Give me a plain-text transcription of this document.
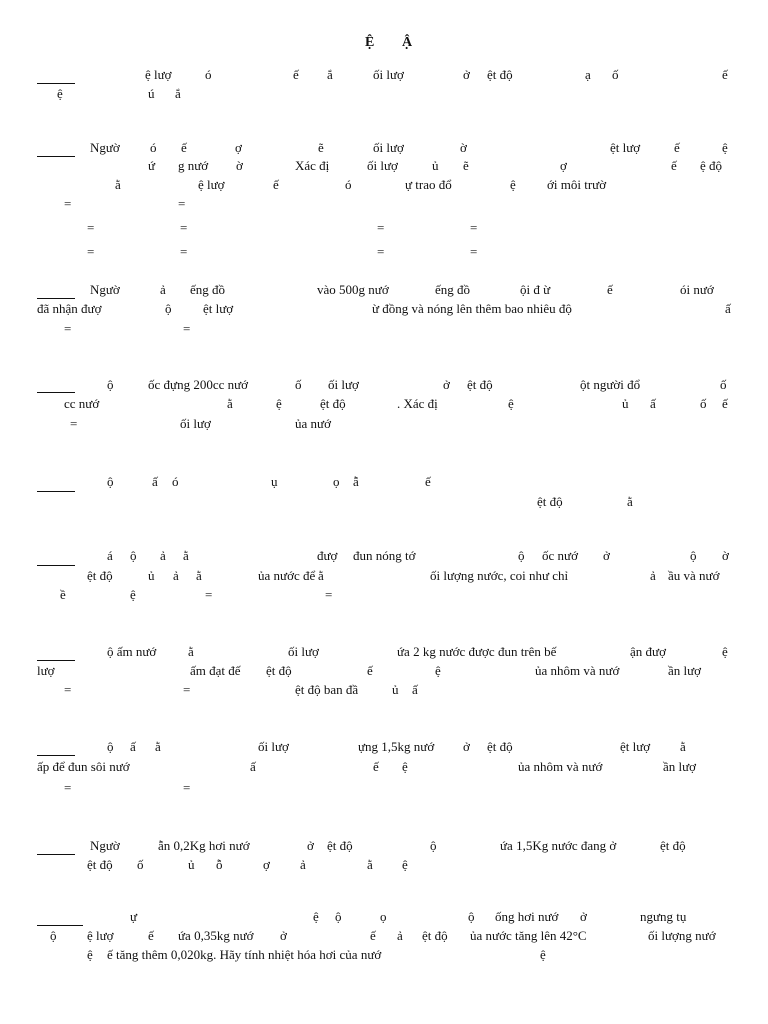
Ệ Ậ
ệ lượ	ó	ế ắ	ối lượ	ở ệt độ	ạ ố	ế
ệ	ú ắ
Ngườ ó ế	ợ	ẽ	ối lượ	ờ	ệt lượ	ế	ệ
ứ g nướ ờ	Xác đị	ối lượ	ủ ẽ	ợ	ế ệ độ
ằ	ệ lượ	ế	ó	ự trao đổ	ệ ới môi trườ
=	=
=	=	=	=
=	=	=	=
Ngườ	ả ếng đồ	vào 500g nướ	ếng đồ	ội đ ừ	ế	ói nướ
đã nhận đượ	ộ ệt lượ	ừ đồng và nóng lên thêm bao nhiêu độ	ấ
=	=
ộ	ốc đựng 200cc nướ	ố ối lượ	ở ệt độ	ột người đổ	ố
cc nướ	ằ	ệ	ệt độ	. Xác đị	ệ	ủ ấ	ố ế
=	ối lượ	ủa nướ
ộ	ấ ó	ụ	ọ ẫ	ế
ệt độ	ằ
á ộ ả ằ	đượ đun nóng tớ	ộ ốc nướ ở	ộ ờ
ệt độ	ủ ả ằ	ủa nước để ằ	ối lượng nước, coi như chỉ	ả ầu và nướ
ề	ệ	=	=
ộ ấm nướ ằ	ối lượ	ứa 2 kg nước được đun trên bế	ận đượ	ệ
lượ	ấm đạt đế ệt độ	ế	ệ	ủa nhôm và nướ	ần lượ
=	=	ệt độ ban đầ	ủ ấ
ộ ấ ằ	ối lượ	ựng 1,5kg nướ ở ệt độ	ệt lượ ằ
ấp để đun sôi nướ	ấ	ế ệ	ủa nhôm và nướ	ần lượ
=	=
Ngườ	ẫn 0,2Kg hơi nướ	ở ệt độ	ộ	ứa 1,5Kg nước đang ở	ệt độ
ệt độ ố	ủ ỗ	ợ ả	ằ ệ
ự	ệ ộ	ọ	ộ ống hơi nướ ở	ngưng tụ
ộ ệ lượ	ế ứa 0,35kg nướ ở	ế ả ệt độ ủa nước tăng lên 42°C	ối lượng nướ
ệ ế tăng thêm 0,020kg. Hãy tính nhiệt hóa hơi của nướ	ệ
